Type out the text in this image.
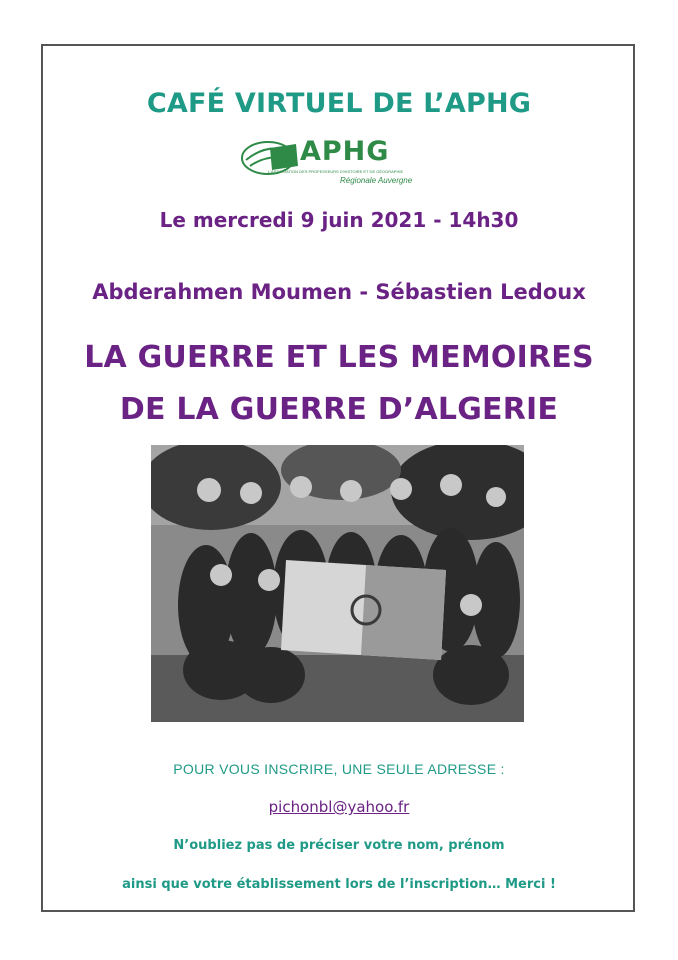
CAFÉ VIRTUEL DE L’APHG
APHG
L'ASSOCIATION DES PROFESSEURS D'HISTOIRE ET DE GÉOGRAPHIE
Régionale Auvergne
Le mercredi 9 juin 2021 - 14h30
Abderahmen Moumen - Sébastien Ledoux
LA GUERRE ET LES MEMOIRES
DE LA GUERRE D’ALGERIE
POUR VOUS INSCRIRE, UNE SEULE ADRESSE :
pichonbl@yahoo.fr
N’oubliez pas de préciser votre nom, prénom
ainsi que votre établissement lors de l’inscription… Merci !
